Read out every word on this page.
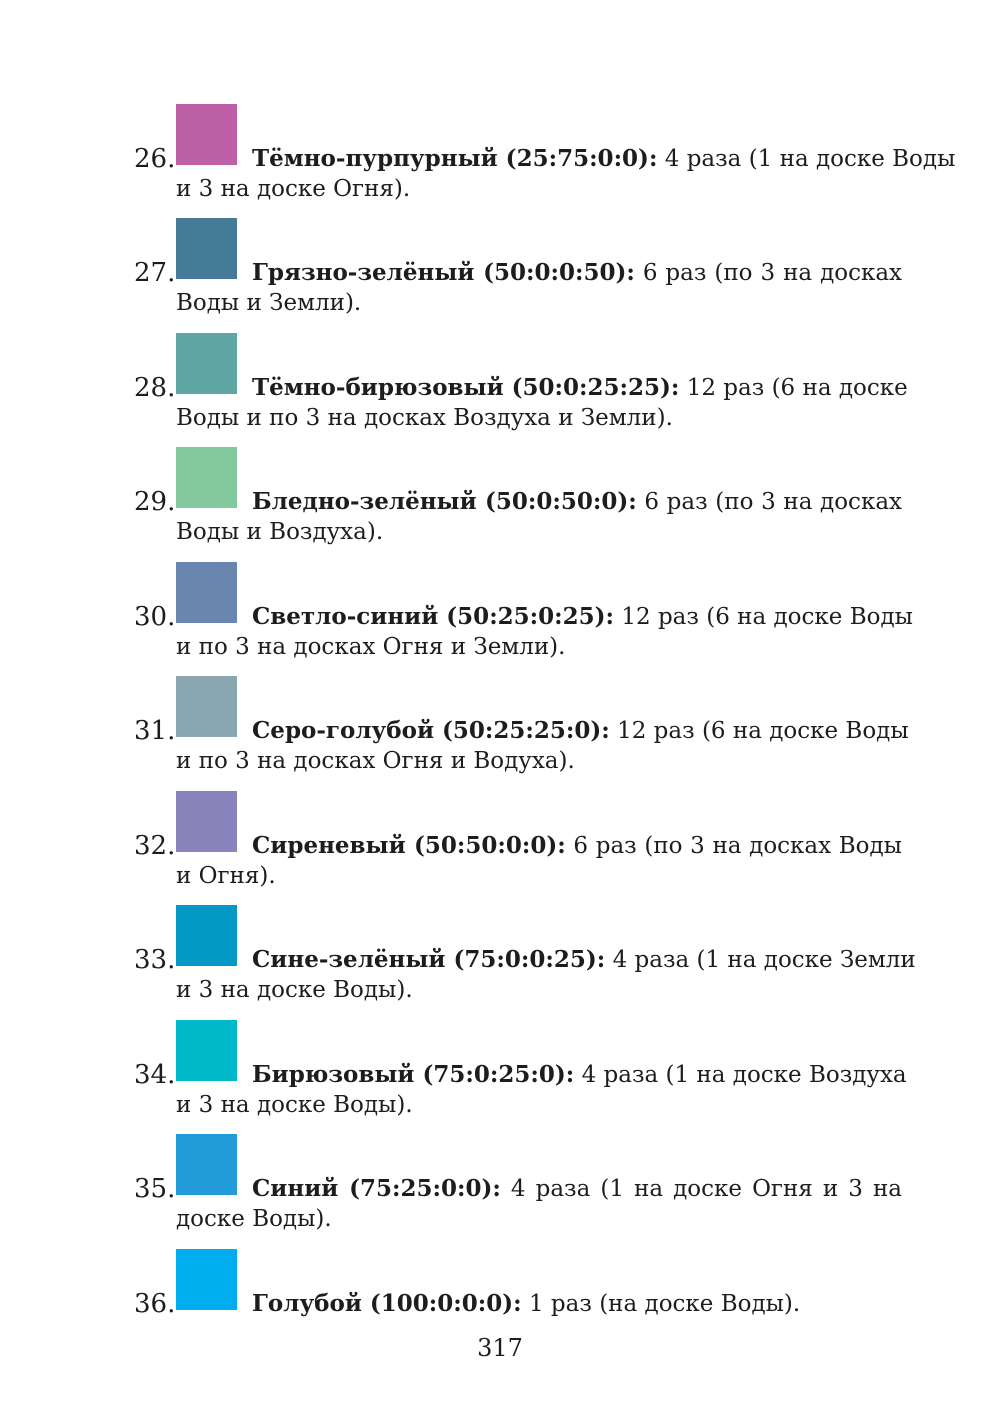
26.	Тёмно-пурпурный (25:75:0:0): 4 раза (1 на доске Воды
и 3 на доске Огня).
27.	Грязно-зелёный (50:0:0:50): 6 раз (по 3 на досках
Воды и Земли).
28.	Тёмно-бирюзовый (50:0:25:25): 12 раз (6 на доске
Воды и по 3 на досках Воздуха и Земли).
29.	Бледно-зелёный (50:0:50:0): 6 раз (по 3 на досках
Воды и Воздуха).
30.	Светло-синий (50:25:0:25): 12 раз (6 на доске Воды
и по 3 на досках Огня и Земли).
31.	Серо-голубой (50:25:25:0): 12 раз (6 на доске Воды
и по 3 на досках Огня и Водуха).
32.	Сиреневый (50:50:0:0): 6 раз (по 3 на досках Воды
и Огня).
33.	Сине-зелёный (75:0:0:25): 4 раза (1 на доске Земли
и 3 на доске Воды).
34.	Бирюзовый (75:0:25:0): 4 раза (1 на доске Воздуха
и 3 на доске Воды).
35.	Синий (75:25:0:0): 4 раза (1 на доске Огня и 3 на
доске Воды).
36.	Голубой (100:0:0:0): 1 раз (на доске Воды).
317
